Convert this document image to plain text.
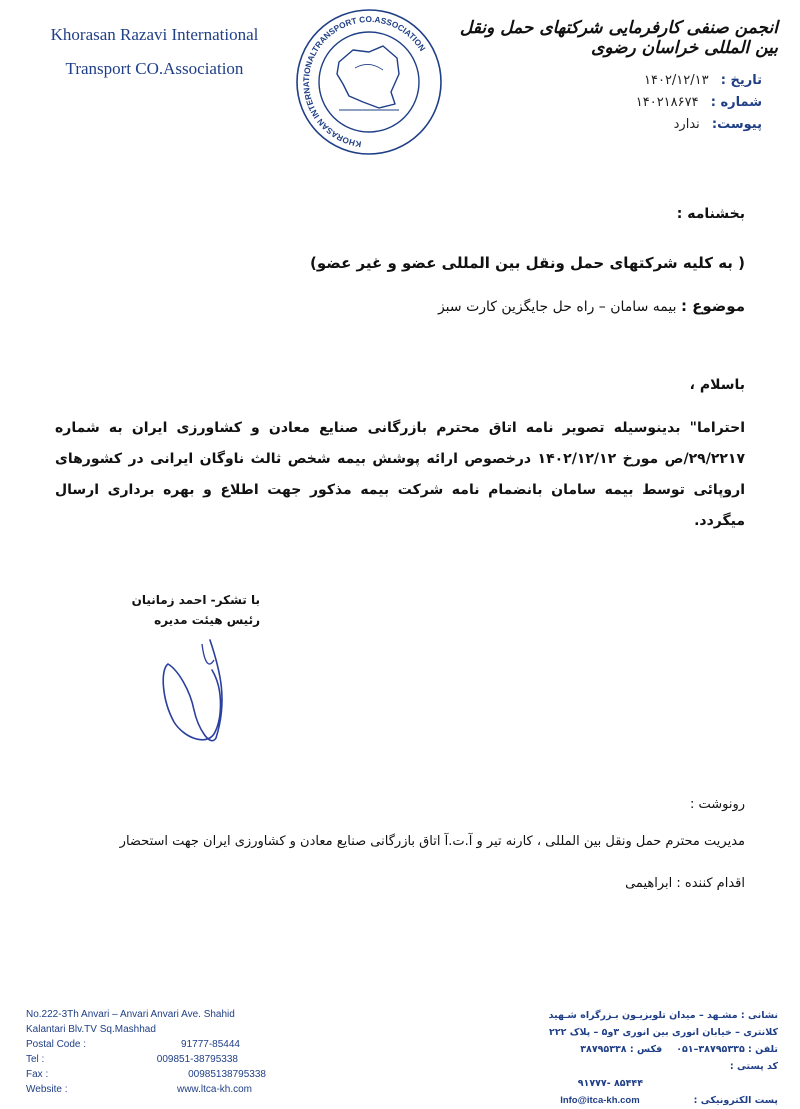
Khorasan Razavi International
Transport CO.Association
KHORASAN INTERNATIONALTRANSPORT CO.ASSOCIATION
انجمن صنفی کارفرمایی شرکتهای حمل ونقل بین المللی خراسان رضوی
تاریخ : ۱۴۰۲/۱۲/۱۳
شماره : ۱۴۰۲۱۸۶۷۴
پیوست: ندارد
بخشنامه :
( به کلیه شرکتهای حمل ونقل بین المللی عضو و غیر عضو)
موضوع : بیمه سامان – راه حل جایگزین کارت سبز
باسلام ،
احتراما" بدینوسیله تصویر نامه اتاق محترم بازرگانی صنایع معادن و کشاورزی ایران به شماره ۲۹/۲۲۱۷/ص مورخ ۱۴۰۲/۱۲/۱۲ درخصوص ارائه پوشش بیمه شخص ثالث ناوگان ایرانی در کشورهای اروپائی توسط بیمه سامان بانضمام نامه شرکت بیمه مذکور جهت اطلاع و بهره برداری ارسال میگردد.
با تشکر- احمد زمانیان
رئیس هیئت مدیره
رونوشت :
مدیریت محترم حمل ونقل بین المللی ، کارنه تیر و آ.ت.آ اتاق بازرگانی صنایع معادن و کشاورزی ایران جهت استحضار
اقدام کننده : ابراهیمی
No.222-3Th Anvari – Anvari Anvari Ave. Shahid
Kalantari Blv.TV Sq.Mashhad
Postal Code :	91777-85444
Tel :	009851-38795338
Fax :	00985138795338
Website :	www.ltca-kh.com
نشانی : مشـهد – میدان تلویزیـون بـزرگراه شـهید
کلانتری – خیابان انوری بین انوری ۳و۵ – پلاک ۲۲۲
تلفن : ۳۸۷۹۵۳۳۵–۰۵۱
فکس : ۳۸۷۹۵۳۳۸
کد پستی :
۸۵۴۴۴ -۹۱۷۷۷
پست الکترونیکی :
Info@itca-kh.com
